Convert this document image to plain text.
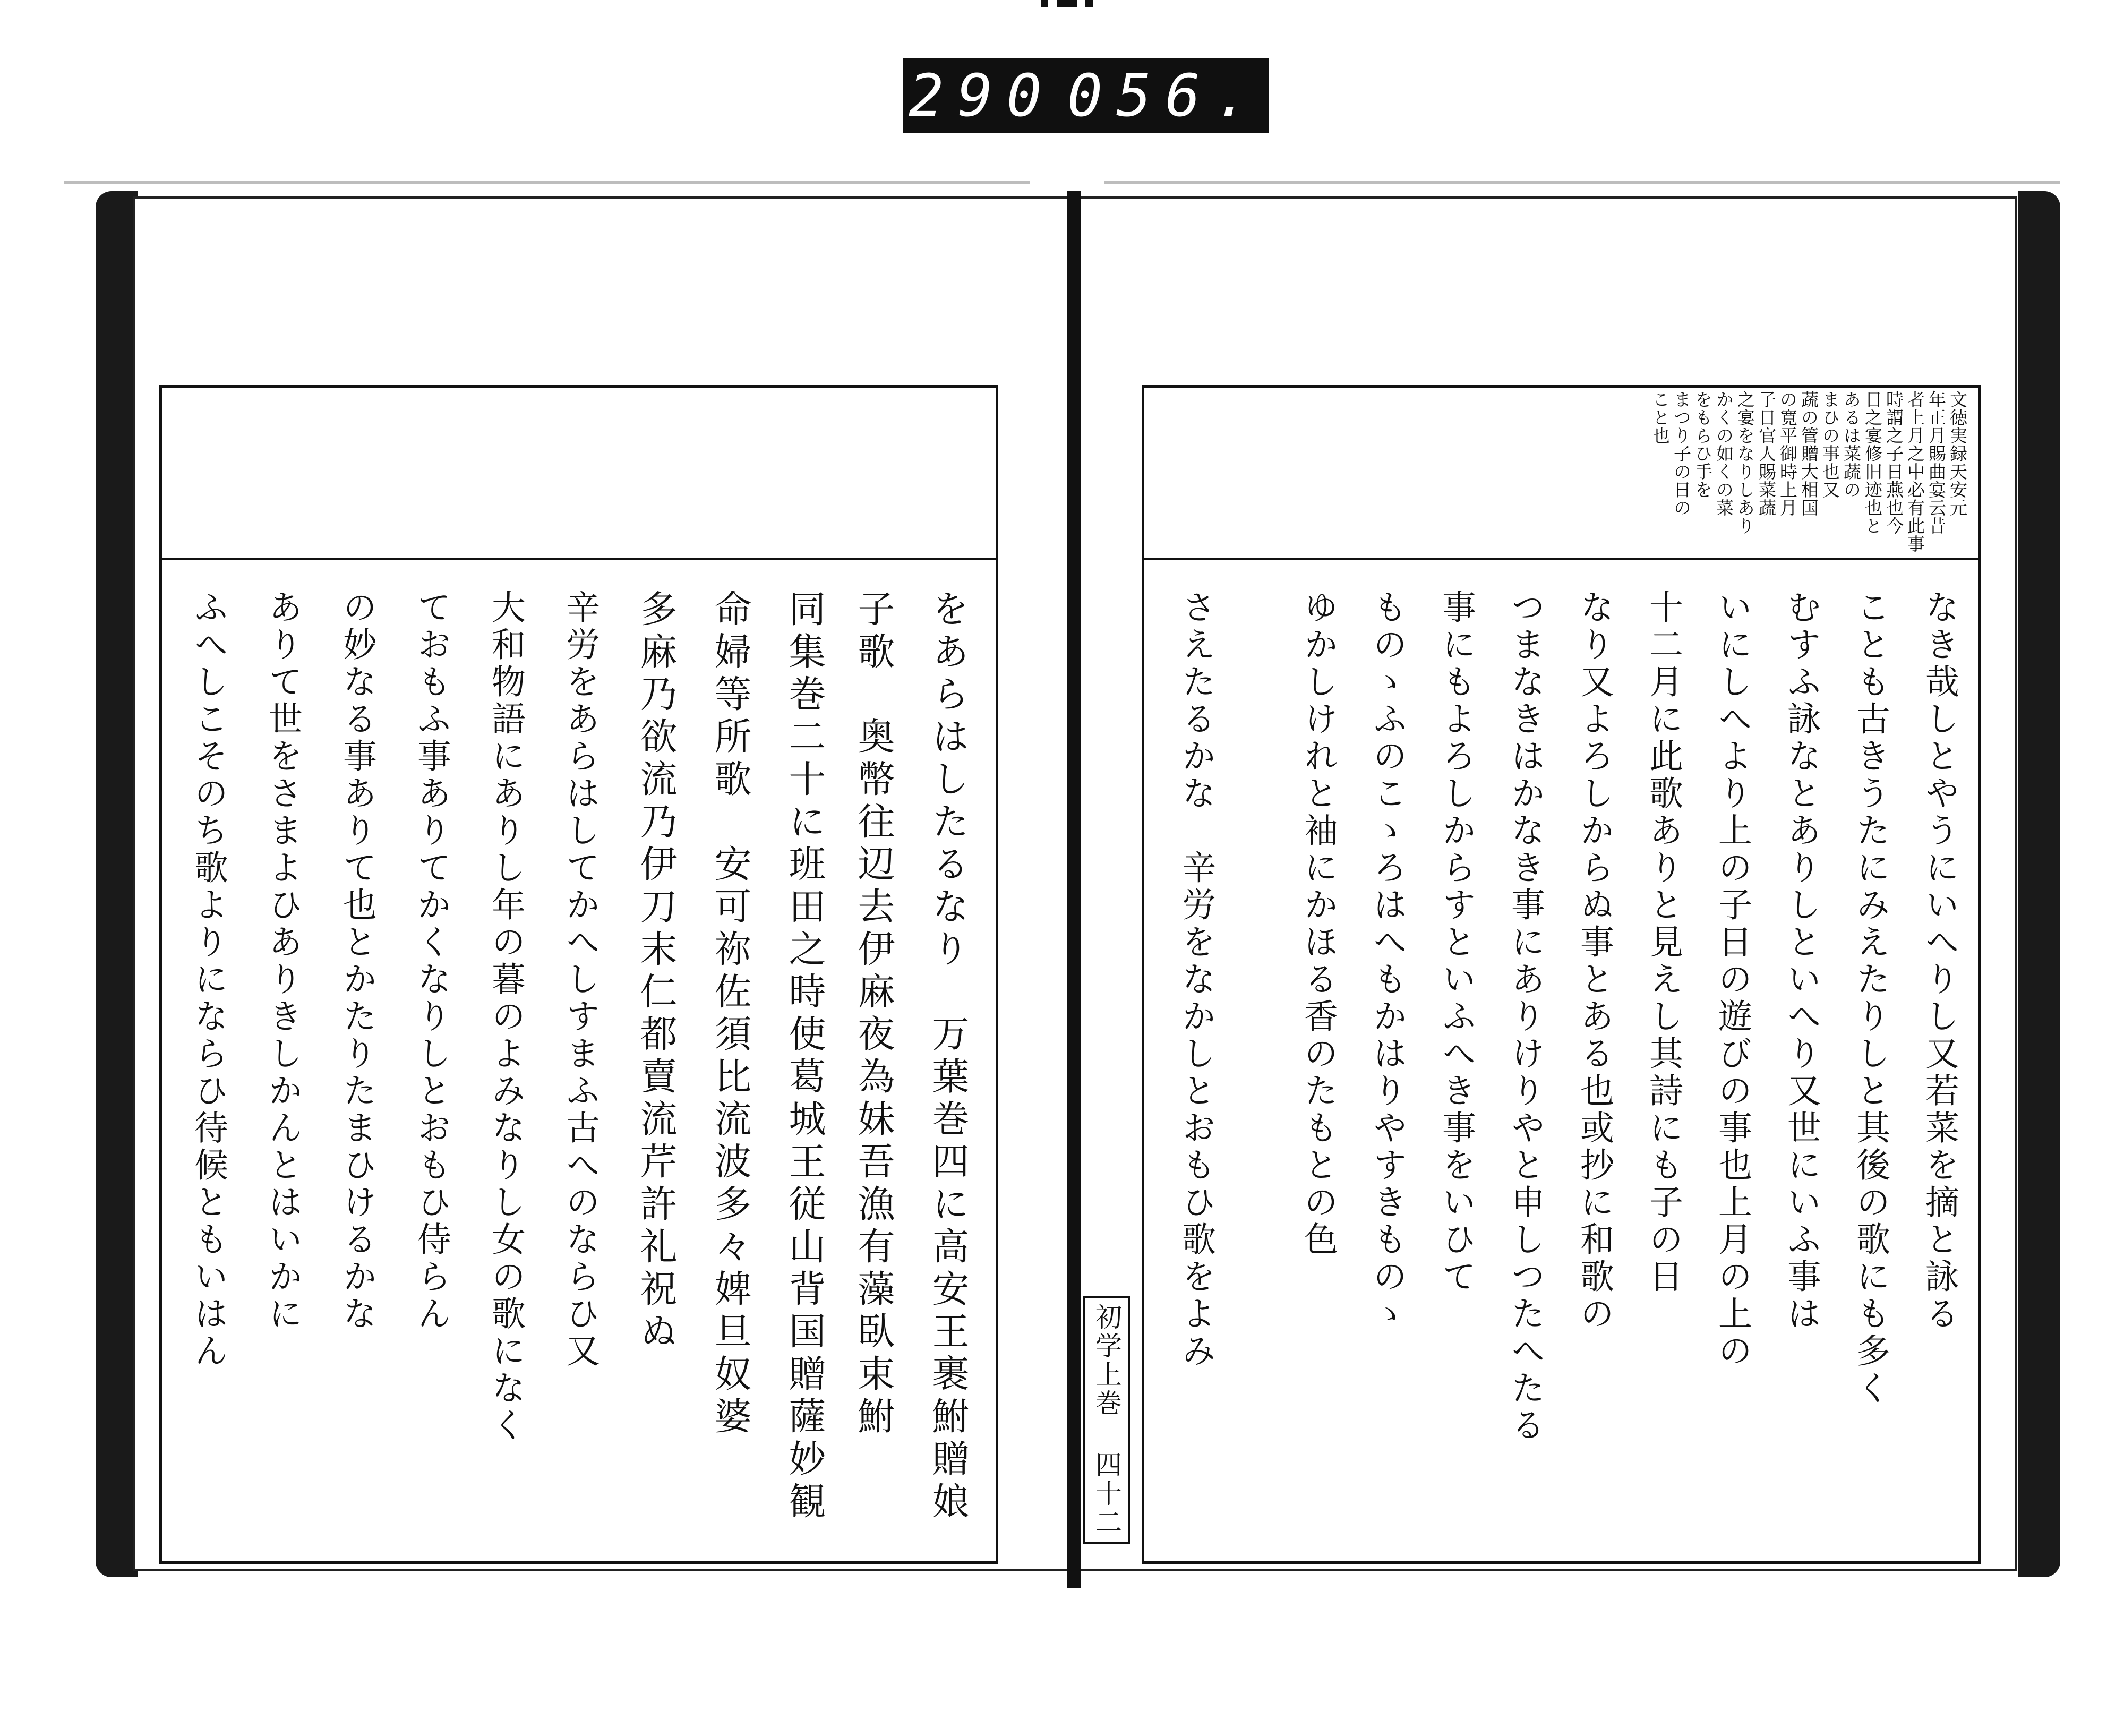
290 056.
文徳実録天安元
年正月賜曲宴云昔
者上月之中必有此事
時謂之子日燕也今
日之宴修旧迹也と
あるは菜蔬の
まひの事也又
蔬の管贈大相国
の寛平御時上月
子日官人賜菜蔬
之宴をなりしあり
かくの如くの菜
をもらひ手を
まつり子の日の
こと也
なき哉しとやうにいへりし又若菜を摘と詠る
ことも古きうたにみえたりしと其後の歌にも多く
むすふ詠なとありしといへり又世にいふ事は
いにしへより上の子日の遊びの事也上月の上の
十二月に此歌ありと見えし其詩にも子の日
なり又よろしからぬ事とある也或抄に和歌の
つまなきはかなき事にありけりやと申しつたへたる
事にもよろしからすといふへき事をいひて
ものゝふのこゝろはへもかはりやすきものゝ
ゆかしけれと袖にかほる香のたもとの色
さえたるかな　辛労をなかしとおもひ歌をよみ
初学上巻 四十二
をあらはしたるなり　万葉巻四に高安王裹鮒贈娘
子歌　奥幣往辺去伊麻夜為妹吾漁有藻臥束鮒
同集巻二十に班田之時使葛城王従山背国贈薩妙観
命婦等所歌　安可祢佐須比流波多々婢旦奴婆
多麻乃欲流乃伊刀末仁都賣流芹許礼祝ぬ
辛労をあらはしてかへしすまふ古へのならひ又
大和物語にありし年の暮のよみなりし女の歌になく
ておもふ事ありてかくなりしとおもひ侍らん
の妙なる事ありて也とかたりたまひけるかな
ありて世をさまよひありきしかんとはいかに
ふへしこそのち歌よりにならひ待候ともいはん
